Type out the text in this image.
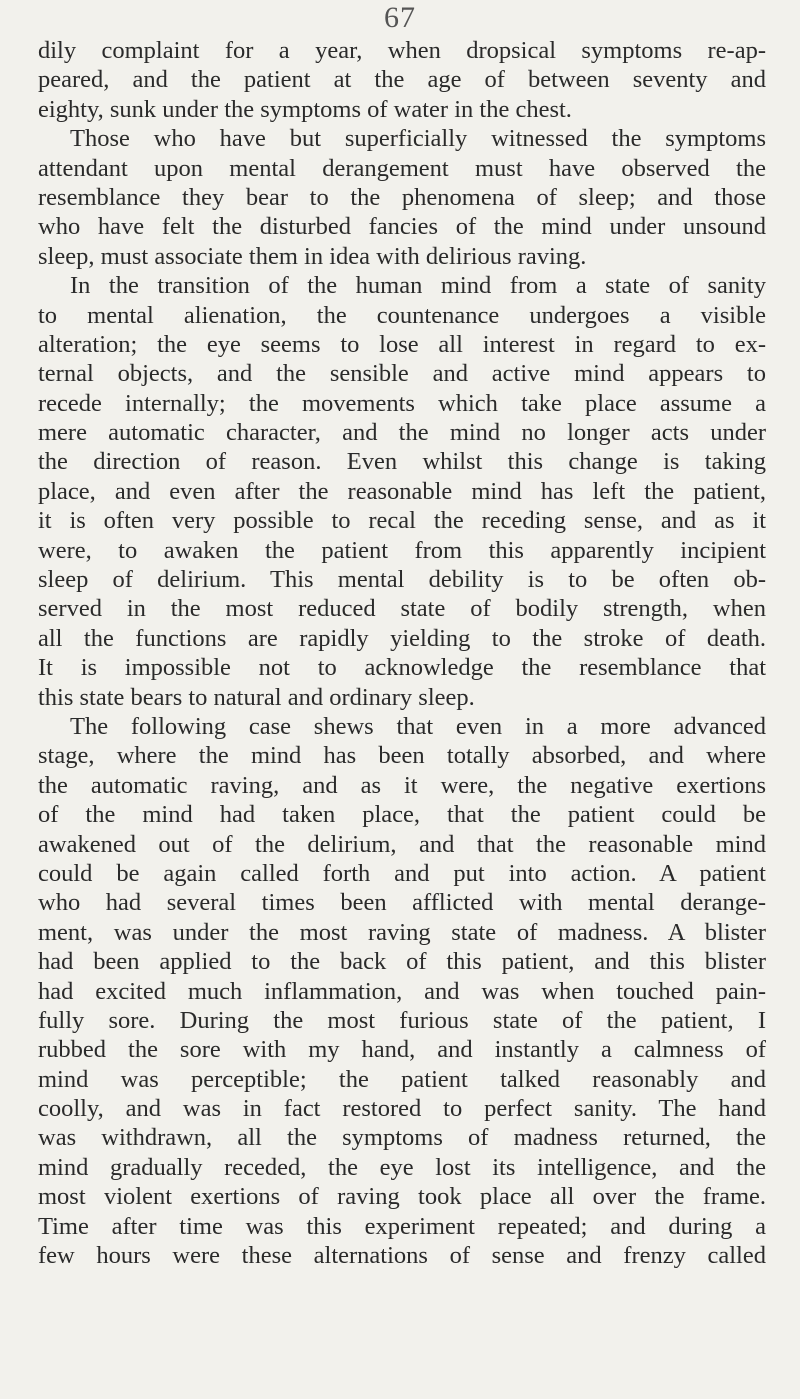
67
dily complaint for a year, when dropsical symptoms re-ap-
peared, and the patient at the age of between seventy and
eighty, sunk under the symptoms of water in the chest.
Those who have but superficially witnessed the symptoms
attendant upon mental derangement must have observed the
resemblance they bear to the phenomena of sleep; and those
who have felt the disturbed fancies of the mind under unsound
sleep, must associate them in idea with delirious raving.
In the transition of the human mind from a state of sanity
to mental alienation, the countenance undergoes a visible
alteration; the eye seems to lose all interest in regard to ex-
ternal objects, and the sensible and active mind appears to
recede internally; the movements which take place assume a
mere automatic character, and the mind no longer acts under
the direction of reason. Even whilst this change is taking
place, and even after the reasonable mind has left the patient,
it is often very possible to recal the receding sense, and as it
were, to awaken the patient from this apparently incipient
sleep of delirium. This mental debility is to be often ob-
served in the most reduced state of bodily strength, when
all the functions are rapidly yielding to the stroke of death.
It is impossible not to acknowledge the resemblance that
this state bears to natural and ordinary sleep.
The following case shews that even in a more advanced
stage, where the mind has been totally absorbed, and where
the automatic raving, and as it were, the negative exertions
of the mind had taken place, that the patient could be
awakened out of the delirium, and that the reasonable mind
could be again called forth and put into action. A patient
who had several times been afflicted with mental derange-
ment, was under the most raving state of madness. A blister
had been applied to the back of this patient, and this blister
had excited much inflammation, and was when touched pain-
fully sore. During the most furious state of the patient, I
rubbed the sore with my hand, and instantly a calmness of
mind was perceptible; the patient talked reasonably and
coolly, and was in fact restored to perfect sanity. The hand
was withdrawn, all the symptoms of madness returned, the
mind gradually receded, the eye lost its intelligence, and the
most violent exertions of raving took place all over the frame.
Time after time was this experiment repeated; and during a
few hours were these alternations of sense and frenzy called
